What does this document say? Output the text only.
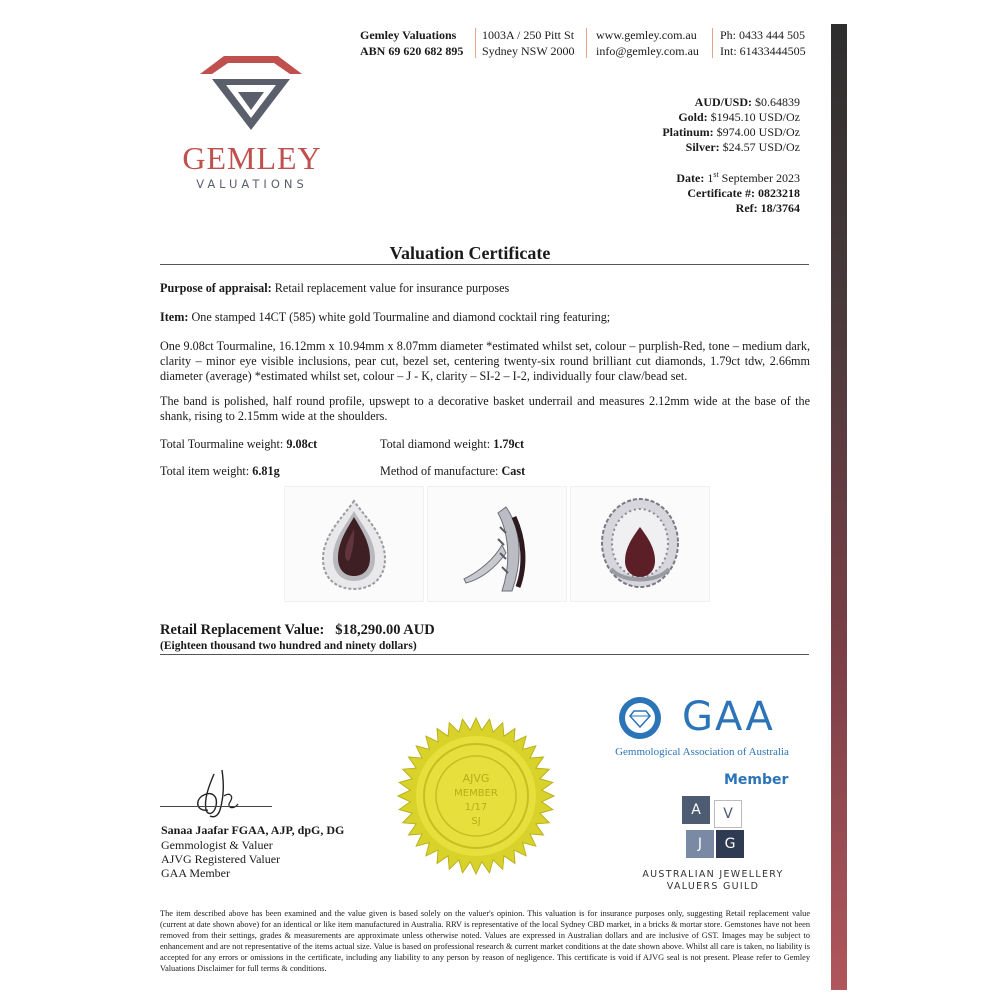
GEMLEY
VALUATIONS
Gemley Valuations
ABN 69 620 682 895
1003A / 250 Pitt St
Sydney NSW 2000
www.gemley.com.au
info@gemley.com.au
Ph: 0433 444 505
Int: 61433444505
AUD/USD: $0.64839
Gold: $1945.10 USD/Oz
Platinum: $974.00 USD/Oz
Silver: $24.57 USD/Oz
Date: 1st September 2023
Certificate #: 0823218
Ref: 18/3764
Valuation Certificate
Purpose of appraisal: Retail replacement value for insurance purposes
Item: One stamped 14CT (585) white gold Tourmaline and diamond cocktail ring featuring;
One 9.08ct Tourmaline, 16.12mm x 10.94mm x 8.07mm diameter *estimated whilst set, colour – purplish-Red, tone – medium dark, clarity – minor eye visible inclusions, pear cut, bezel set, centering twenty-six round brilliant cut diamonds, 1.79ct tdw, 2.66mm diameter (average) *estimated whilst set, colour – J - K, clarity – SI-2 – I-2, individually four claw/bead set.
The band is polished, half round profile, upswept to a decorative basket underrail and measures 2.12mm wide at the base of the shank, rising to 2.15mm wide at the shoulders.
Total Tourmaline weight: 9.08ct	Total diamond weight: 1.79ct
Total item weight: 6.81g	Method of manufacture: Cast
Retail Replacement Value: $18,290.00 AUD
(Eighteen thousand two hundred and ninety dollars)
Sanaa Jaafar FGAA, AJP, dpG, DG
Gemmologist & Valuer
AJVG Registered Valuer
GAA Member
AJVG
MEMBER
1/17
SJ
GAA
Gemmological Association of Australia
Member
A	V
J	G
AUSTRALIAN JEWELLERY
VALUERS GUILD
The item described above has been examined and the value given is based solely on the valuer's opinion. This valuation is for insurance purposes only, suggesting Retail replacement value (current at date shown above) for an identical or like item manufactured in Australia. RRV is representative of the local Sydney CBD market, in a bricks & mortar store. Gemstones have not been removed from their settings, grades & measurements are approximate unless otherwise noted. Values are expressed in Australian dollars and are inclusive of GST. Images may be subject to enhancement and are not representative of the items actual size. Value is based on professional research & current market conditions at the date shown above. Whilst all care is taken, no liability is accepted for any errors or omissions in the certificate, including any liability to any person by reason of negligence. This certificate is void if AJVG seal is not present. Please refer to Gemley Valuations Disclaimer for full terms & conditions.
